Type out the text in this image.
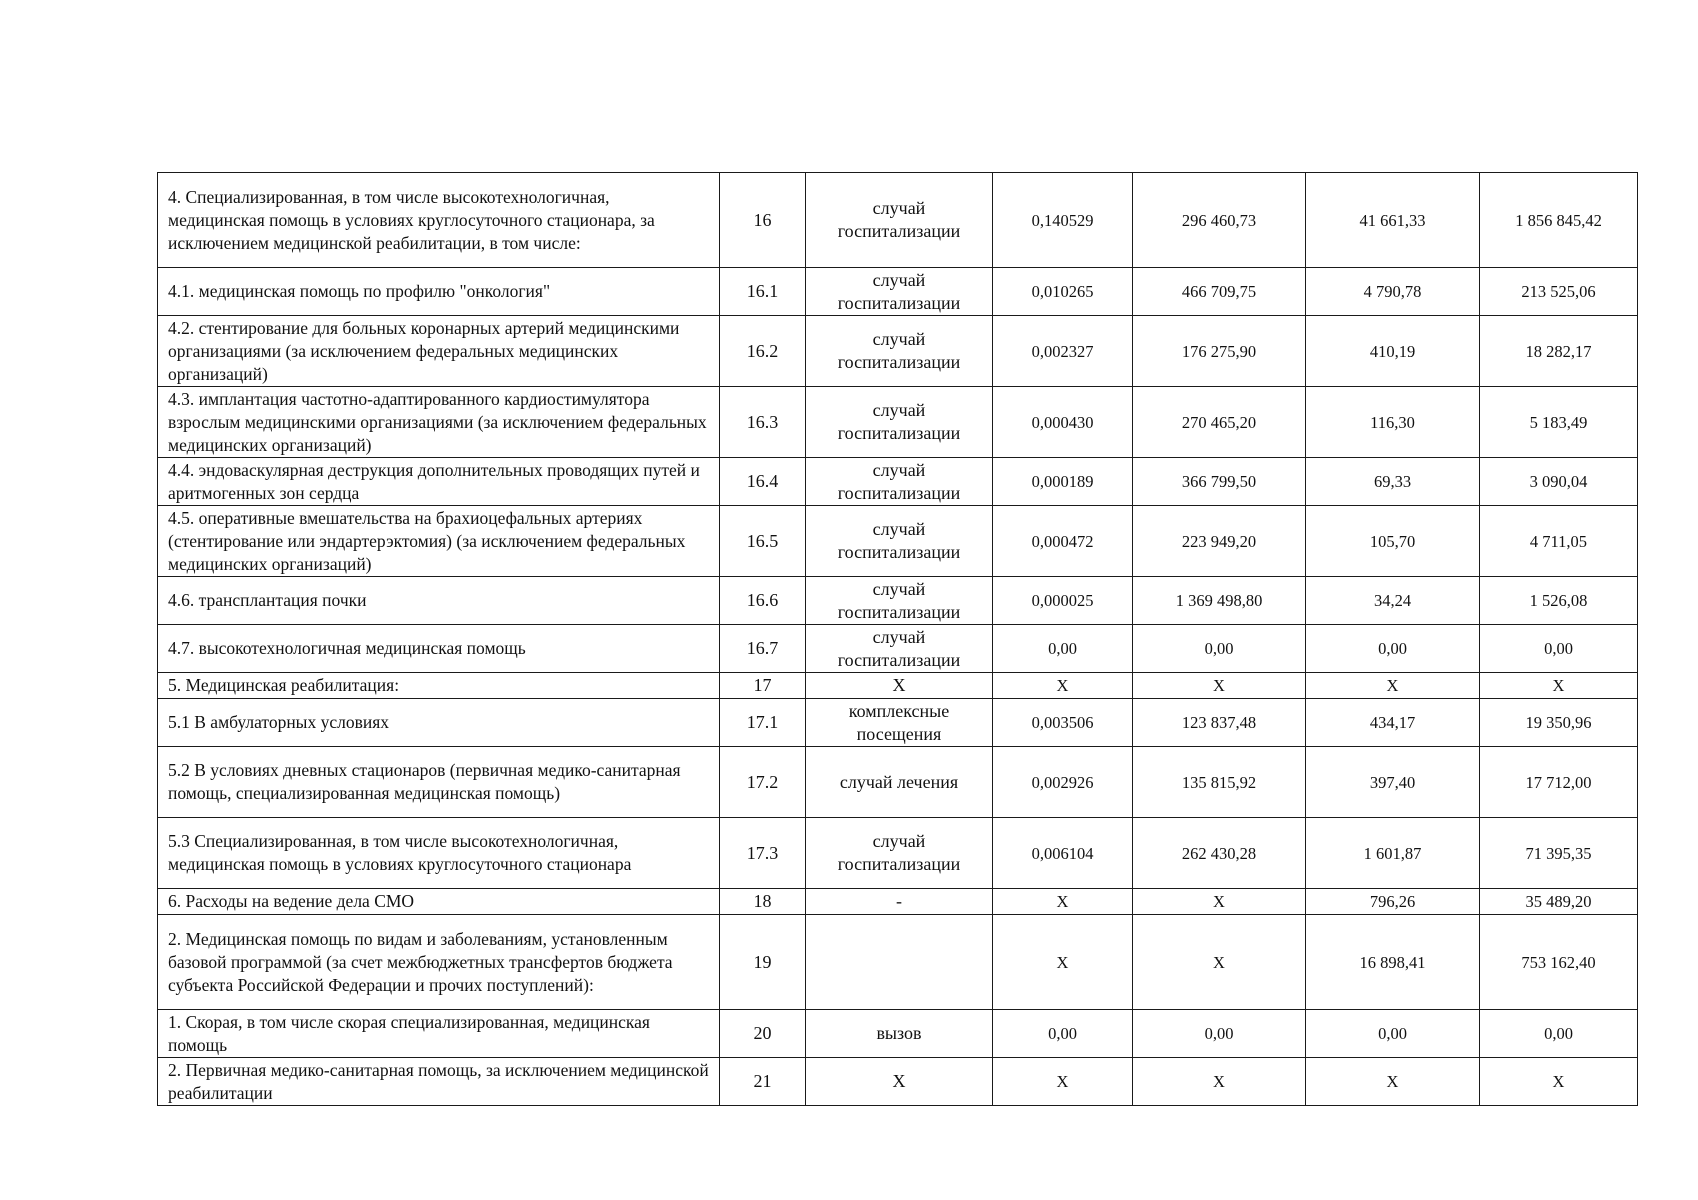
4. Специализированная, в том числе высокотехнологичная, медицинская помощь в условиях круглосуточного стационара, за исключением медицинской реабилитации, в том числе:	16	случай госпитализации	0,140529	296 460,73	41 661,33	1 856 845,42
4.1. медицинская помощь по профилю "онкология"	16.1	случай госпитализации	0,010265	466 709,75	4 790,78	213 525,06
4.2. стентирование для больных коронарных артерий медицинскими организациями (за исключением федеральных медицинских организаций)	16.2	случай госпитализации	0,002327	176 275,90	410,19	18 282,17
4.3. имплантация частотно-адаптированного кардиостимулятора взрослым медицинскими организациями (за исключением федеральных медицинских организаций)	16.3	случай госпитализации	0,000430	270 465,20	116,30	5 183,49
4.4. эндоваскулярная деструкция дополнительных проводящих путей и аритмогенных зон сердца	16.4	случай госпитализации	0,000189	366 799,50	69,33	3 090,04
4.5. оперативные вмешательства на брахиоцефальных артериях (стентирование или эндартерэктомия) (за исключением федеральных медицинских организаций)	16.5	случай госпитализации	0,000472	223 949,20	105,70	4 711,05
4.6. трансплантация почки	16.6	случай госпитализации	0,000025	1 369 498,80	34,24	1 526,08
4.7. высокотехнологичная медицинская помощь	16.7	случай госпитализации	0,00	0,00	0,00	0,00
5. Медицинская реабилитация:	17	Х	Х	Х	Х	Х
5.1 В амбулаторных условиях	17.1	комплексные посещения	0,003506	123 837,48	434,17	19 350,96
5.2 В условиях дневных стационаров (первичная медико-санитарная помощь, специализированная медицинская помощь)	17.2	случай лечения	0,002926	135 815,92	397,40	17 712,00
5.3 Специализированная, в том числе высокотехнологичная, медицинская помощь в условиях круглосуточного стационара	17.3	случай госпитализации	0,006104	262 430,28	1 601,87	71 395,35
6. Расходы на ведение дела СМО	18	-	Х	Х	796,26	35 489,20
2. Медицинская помощь по видам и заболеваниям, установленным базовой программой (за счет межбюджетных трансфертов бюджета субъекта Российской Федерации и прочих поступлений):	19		Х	Х	16 898,41	753 162,40
1. Скорая, в том числе скорая специализированная, медицинская помощь	20	вызов	0,00	0,00	0,00	0,00
2. Первичная медико-санитарная помощь, за исключением медицинской реабилитации	21	Х	Х	Х	Х	Х
